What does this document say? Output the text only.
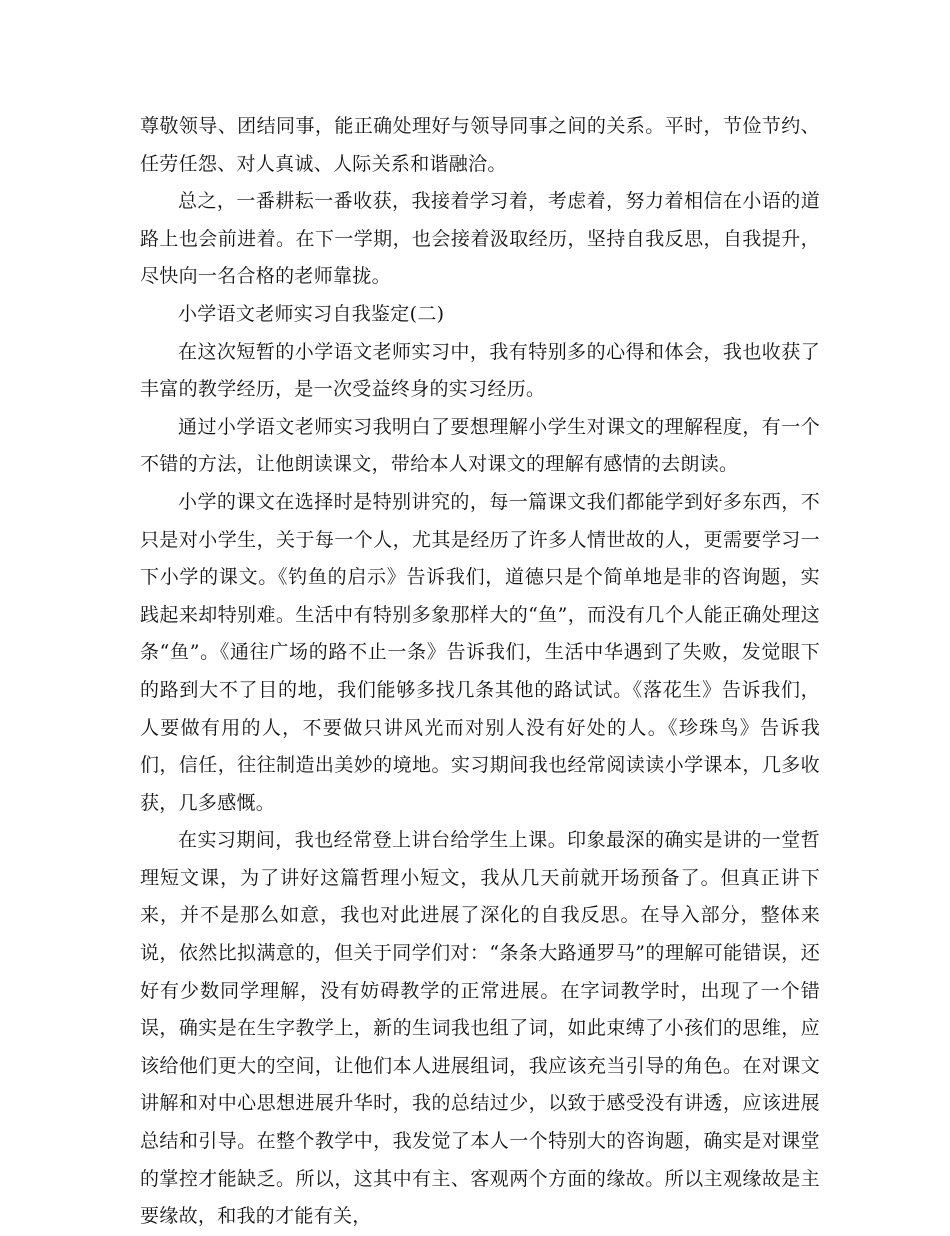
尊敬领导、团结同事，能正确处理好与领导同事之间的关系。平时，节俭节约、任劳任怨、对人真诚、人际关系和谐融洽。

总之，一番耕耘一番收获，我接着学习着，考虑着，努力着相信在小语的道路上也会前进着。在下一学期，也会接着汲取经历，坚持自我反思，自我提升，尽快向一名合格的老师靠拢。

小学语文老师实习自我鉴定(二)

在这次短暂的小学语文老师实习中，我有特别多的心得和体会，我也收获了丰富的教学经历，是一次受益终身的实习经历。

通过小学语文老师实习我明白了要想理解小学生对课文的理解程度，有一个不错的方法，让他朗读课文，带给本人对课文的理解有感情的去朗读。

小学的课文在选择时是特别讲究的，每一篇课文我们都能学到好多东西，不只是对小学生，关于每一个人，尤其是经历了许多人情世故的人，更需要学习一下小学的课文。《钓鱼的启示》告诉我们，道德只是个简单地是非的咨询题，实践起来却特别难。生活中有特别多象那样大的“鱼”，而没有几个人能正确处理这条“鱼”。《通往广场的路不止一条》告诉我们，生活中华遇到了失败，发觉眼下的路到大不了目的地，我们能够多找几条其他的路试试。《落花生》告诉我们，人要做有用的人，不要做只讲风光而对别人没有好处的人。《珍珠鸟》告诉我们，信任，往往制造出美妙的境地。实习期间我也经常阅读读小学课本，几多收获，几多感慨。

在实习期间，我也经常登上讲台给学生上课。印象最深的确实是讲的一堂哲理短文课，为了讲好这篇哲理小短文，我从几天前就开场预备了。但真正讲下来，并不是那么如意，我也对此进展了深化的自我反思。在导入部分，整体来说，依然比拟满意的，但关于同学们对：“条条大路通罗马”的理解可能错误，还好有少数同学理解，没有妨碍教学的正常进展。在字词教学时，出现了一个错误，确实是在生字教学上，新的生词我也组了词，如此束缚了小孩们的思维，应该给他们更大的空间，让他们本人进展组词，我应该充当引导的角色。在对课文讲解和对中心思想进展升华时，我的总结过少，以致于感受没有讲透，应该进展总结和引导。在整个教学中，我发觉了本人一个特别大的咨询题，确实是对课堂的掌控才能缺乏。所以，这其中有主、客观两个方面的缘故。所以主观缘故是主要缘故，和我的才能有关，
